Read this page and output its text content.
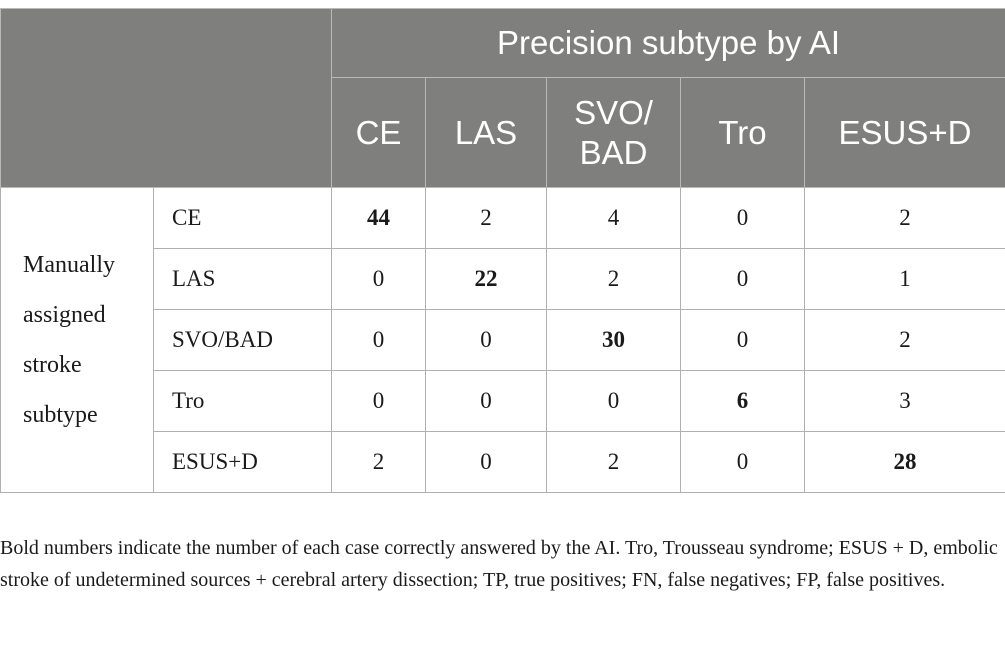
		Precision subtype by AI				
		CE	LAS	SVO/ BAD	Tro	ESUS+D
Manually assigned stroke subtype	CE	44	2	4	0	2
	LAS	0	22	2	0	1
	SVO/BAD	0	0	30	0	2
	Tro	0	0	0	6	3
	ESUS+D	2	0	2	0	28

Bold numbers indicate the number of each case correctly answered by the AI. Tro, Trousseau syndrome; ESUS + D, embolic stroke of undetermined sources + cerebral artery dissection; TP, true positives; FN, false negatives; FP, false positives.
